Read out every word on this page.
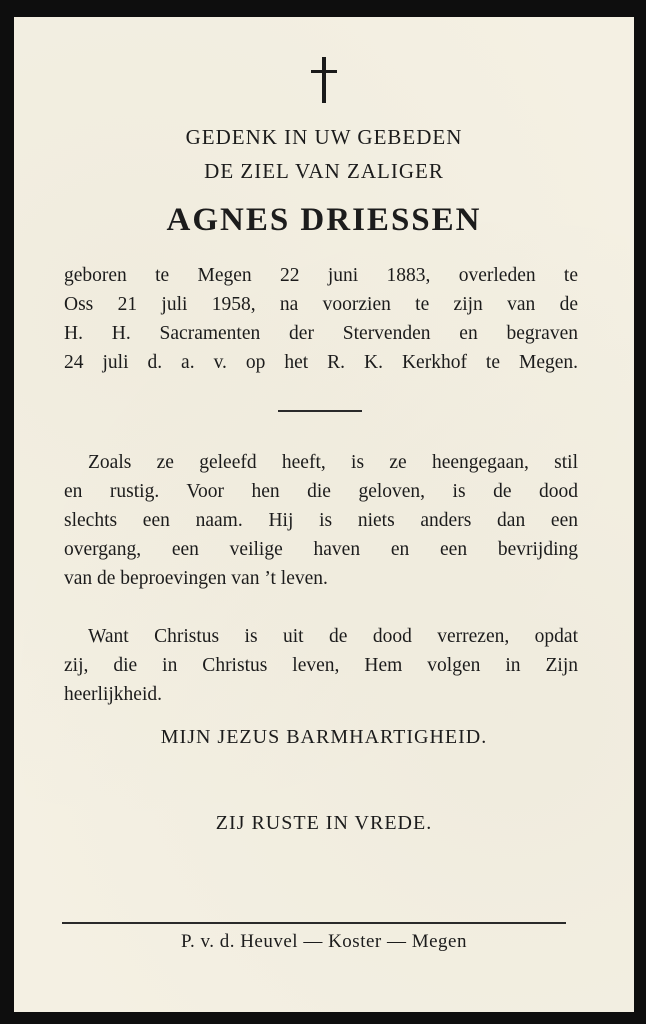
GEDENK IN UW GEBEDEN
DE ZIEL VAN ZALIGER
AGNES DRIESSEN
geboren te Megen 22 juni 1883, overleden te
Oss 21 juli 1958, na voorzien te zijn van de
H. H. Sacramenten der Stervenden en begraven
24 juli d. a. v. op het R. K. Kerkhof te Megen.
Zoals ze geleefd heeft, is ze heengegaan, stil
en rustig. Voor hen die geloven, is de dood
slechts een naam. Hij is niets anders dan een
overgang, een veilige haven en een bevrijding
van de beproevingen van ’t leven.
Want Christus is uit de dood verrezen, opdat
zij, die in Christus leven, Hem volgen in Zijn
heerlijkheid.
MIJN JEZUS BARMHARTIGHEID.
ZIJ RUSTE IN VREDE.
P. v. d. Heuvel — Koster — Megen
